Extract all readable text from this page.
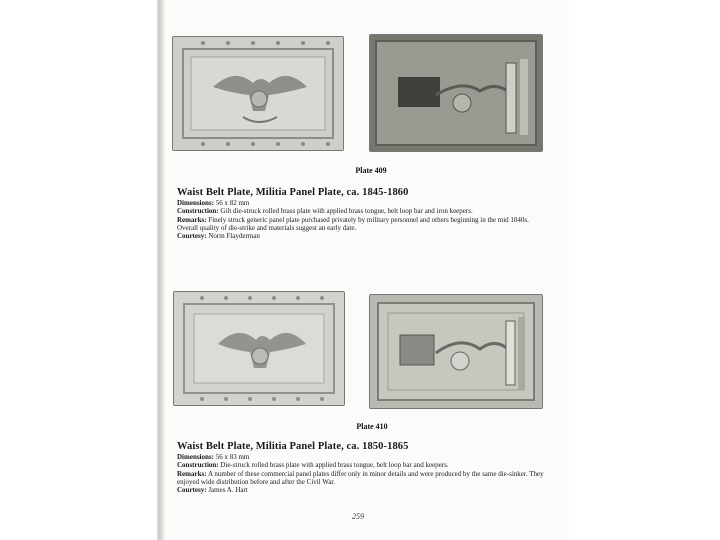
Plate 409
Waist Belt Plate, Militia Panel Plate, ca. 1845-1860

Dimensions: 56 x 82 mm

Construction: Gilt die-struck rolled brass plate with applied brass tongue, belt loop bar and iron keepers.

Remarks: Finely struck generic panel plate purchased privately by military personnel and others beginning in the mid 1840s. Overall quality of die-strike and materials suggest an early date.

Courtesy: Norm Flayderman

Plate 410
Waist Belt Plate, Militia Panel Plate, ca. 1850-1865

Dimensions: 56 x 83 mm

Construction: Die-struck rolled brass plate with applied brass tongue, belt loop bar and keepers.

Remarks: A number of these commercial panel plates differ only in minor details and were produced by the same die-sinker. They enjoyed wide distribution before and after the Civil War.

Courtesy: James A. Hart

259
